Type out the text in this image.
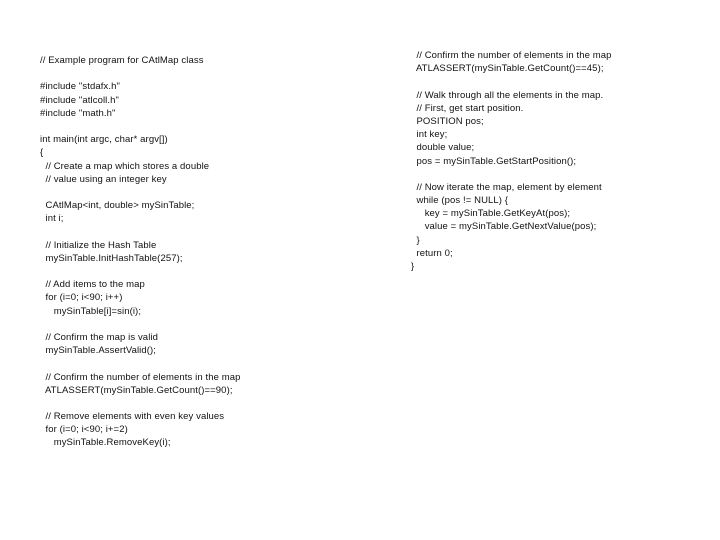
// Example program for CAtlMap class
#include "stdafx.h"
#include "atlcoll.h"
#include "math.h"
int main(int argc, char* argv[])
{
// Create a map which stores a double
// value using an integer key
CAtlMap<int, double> mySinTable;
int i;
// Initialize the Hash Table
mySinTable.InitHashTable(257);
// Add items to the map
for (i=0; i<90; i++)
mySinTable[i]=sin(i);
// Confirm the map is valid
mySinTable.AssertValid();
// Confirm the number of elements in the map
ATLASSERT(mySinTable.GetCount()==90);
// Remove elements with even key values
for (i=0; i<90; i+=2)
mySinTable.RemoveKey(i);
// Confirm the number of elements in the map
ATLASSERT(mySinTable.GetCount()==45);
// Walk through all the elements in the map.
// First, get start position.
POSITION pos;
int key;
double value;
pos = mySinTable.GetStartPosition();
// Now iterate the map, element by element
while (pos != NULL) {
key = mySinTable.GetKeyAt(pos);
value = mySinTable.GetNextValue(pos);
}
return 0;
}
